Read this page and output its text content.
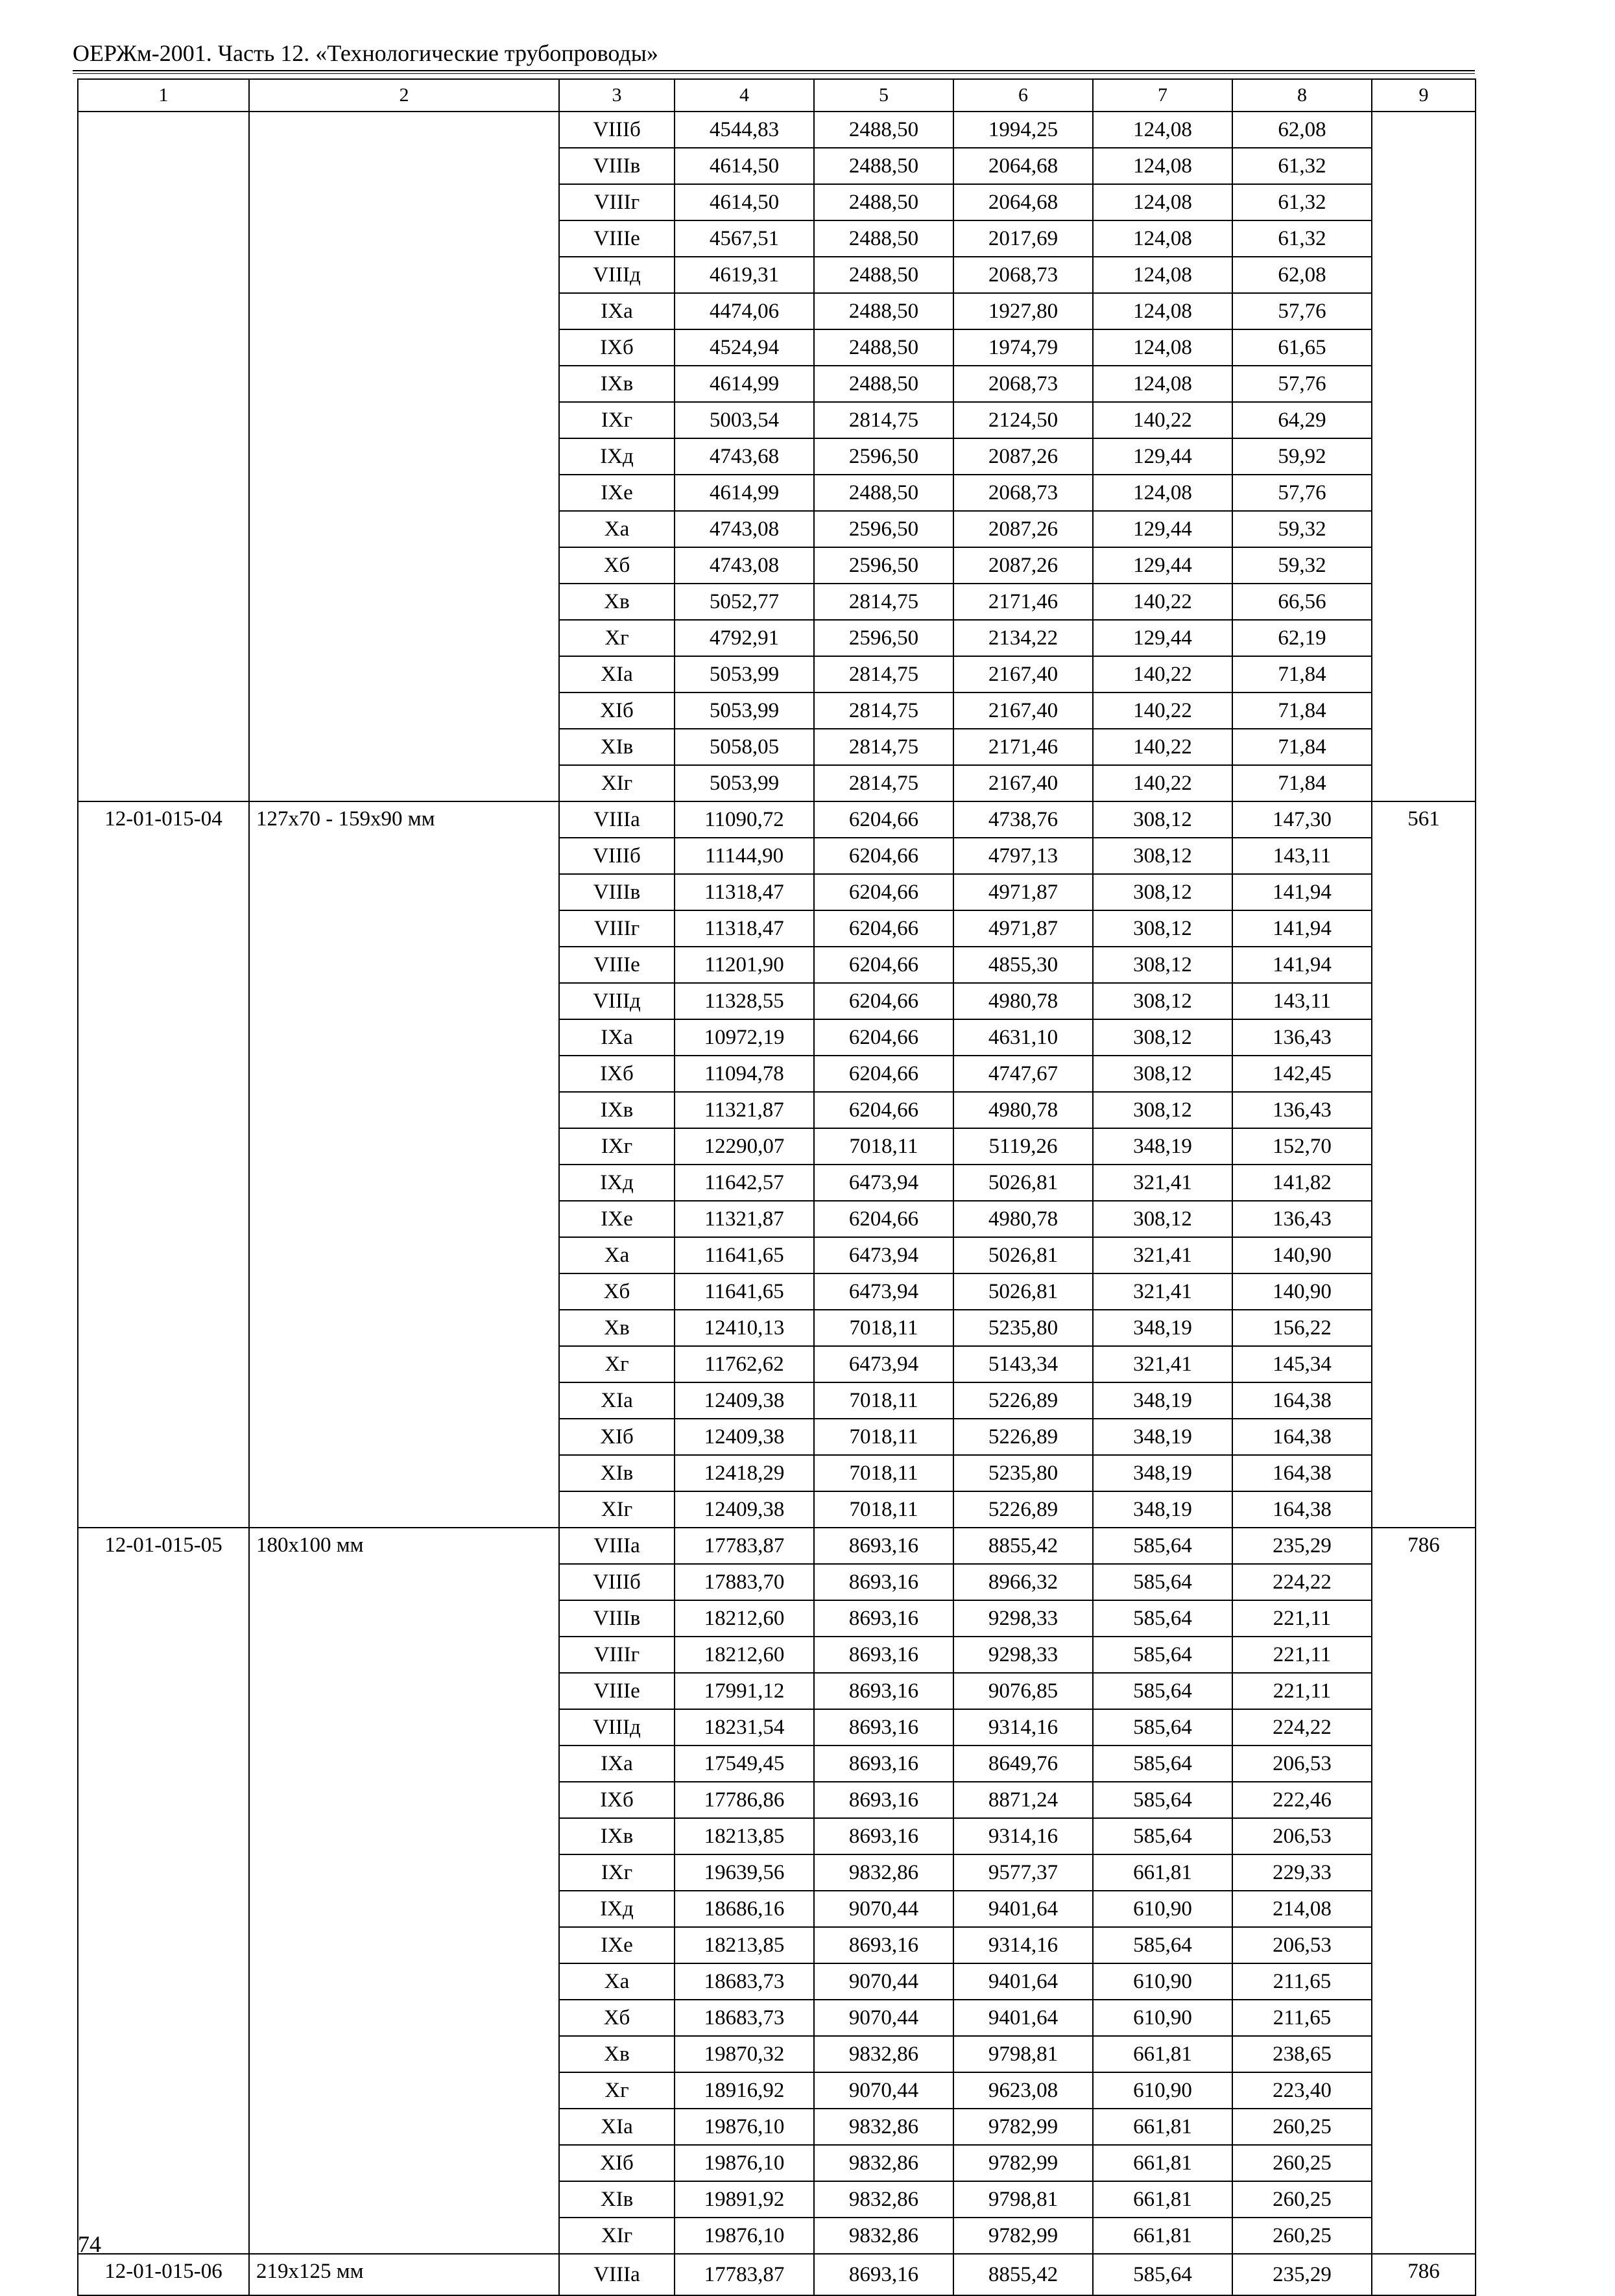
ОЕРЖм-2001. Часть 12. «Технологические трубопроводы»
1	2	3	4	5	6	7	8	9
		VIIIб	4544,83	2488,50	1994,25	124,08	62,08	
		VIIIв	4614,50	2488,50	2064,68	124,08	61,32	
		VIIIг	4614,50	2488,50	2064,68	124,08	61,32	
		VIIIе	4567,51	2488,50	2017,69	124,08	61,32	
		VIIIд	4619,31	2488,50	2068,73	124,08	62,08	
		IXа	4474,06	2488,50	1927,80	124,08	57,76	
		IXб	4524,94	2488,50	1974,79	124,08	61,65	
		IXв	4614,99	2488,50	2068,73	124,08	57,76	
		IXг	5003,54	2814,75	2124,50	140,22	64,29	
		IXд	4743,68	2596,50	2087,26	129,44	59,92	
		IXе	4614,99	2488,50	2068,73	124,08	57,76	
		Xа	4743,08	2596,50	2087,26	129,44	59,32	
		Xб	4743,08	2596,50	2087,26	129,44	59,32	
		Xв	5052,77	2814,75	2171,46	140,22	66,56	
		Xг	4792,91	2596,50	2134,22	129,44	62,19	
		XIа	5053,99	2814,75	2167,40	140,22	71,84	
		XIб	5053,99	2814,75	2167,40	140,22	71,84	
		XIв	5058,05	2814,75	2171,46	140,22	71,84	
		XIг	5053,99	2814,75	2167,40	140,22	71,84	
12-01-015-04	127x70 - 159x90 мм	VIIIа	11090,72	6204,66	4738,76	308,12	147,30	561
		VIIIб	11144,90	6204,66	4797,13	308,12	143,11	
		VIIIв	11318,47	6204,66	4971,87	308,12	141,94	
		VIIIг	11318,47	6204,66	4971,87	308,12	141,94	
		VIIIе	11201,90	6204,66	4855,30	308,12	141,94	
		VIIIд	11328,55	6204,66	4980,78	308,12	143,11	
		IXа	10972,19	6204,66	4631,10	308,12	136,43	
		IXб	11094,78	6204,66	4747,67	308,12	142,45	
		IXв	11321,87	6204,66	4980,78	308,12	136,43	
		IXг	12290,07	7018,11	5119,26	348,19	152,70	
		IXд	11642,57	6473,94	5026,81	321,41	141,82	
		IXе	11321,87	6204,66	4980,78	308,12	136,43	
		Xа	11641,65	6473,94	5026,81	321,41	140,90	
		Xб	11641,65	6473,94	5026,81	321,41	140,90	
		Xв	12410,13	7018,11	5235,80	348,19	156,22	
		Xг	11762,62	6473,94	5143,34	321,41	145,34	
		XIа	12409,38	7018,11	5226,89	348,19	164,38	
		XIб	12409,38	7018,11	5226,89	348,19	164,38	
		XIв	12418,29	7018,11	5235,80	348,19	164,38	
		XIг	12409,38	7018,11	5226,89	348,19	164,38	
12-01-015-05	180x100 мм	VIIIа	17783,87	8693,16	8855,42	585,64	235,29	786
		VIIIб	17883,70	8693,16	8966,32	585,64	224,22	
		VIIIв	18212,60	8693,16	9298,33	585,64	221,11	
		VIIIг	18212,60	8693,16	9298,33	585,64	221,11	
		VIIIе	17991,12	8693,16	9076,85	585,64	221,11	
		VIIIд	18231,54	8693,16	9314,16	585,64	224,22	
		IXа	17549,45	8693,16	8649,76	585,64	206,53	
		IXб	17786,86	8693,16	8871,24	585,64	222,46	
		IXв	18213,85	8693,16	9314,16	585,64	206,53	
		IXг	19639,56	9832,86	9577,37	661,81	229,33	
		IXд	18686,16	9070,44	9401,64	610,90	214,08	
		IXе	18213,85	8693,16	9314,16	585,64	206,53	
		Xа	18683,73	9070,44	9401,64	610,90	211,65	
		Xб	18683,73	9070,44	9401,64	610,90	211,65	
		Xв	19870,32	9832,86	9798,81	661,81	238,65	
		Xг	18916,92	9070,44	9623,08	610,90	223,40	
		XIа	19876,10	9832,86	9782,99	661,81	260,25	
		XIб	19876,10	9832,86	9782,99	661,81	260,25	
		XIв	19891,92	9832,86	9798,81	661,81	260,25	
		XIг	19876,10	9832,86	9782,99	661,81	260,25	
12-01-015-06	219x125 мм	VIIIа	17783,87	8693,16	8855,42	585,64	235,29	786
74
